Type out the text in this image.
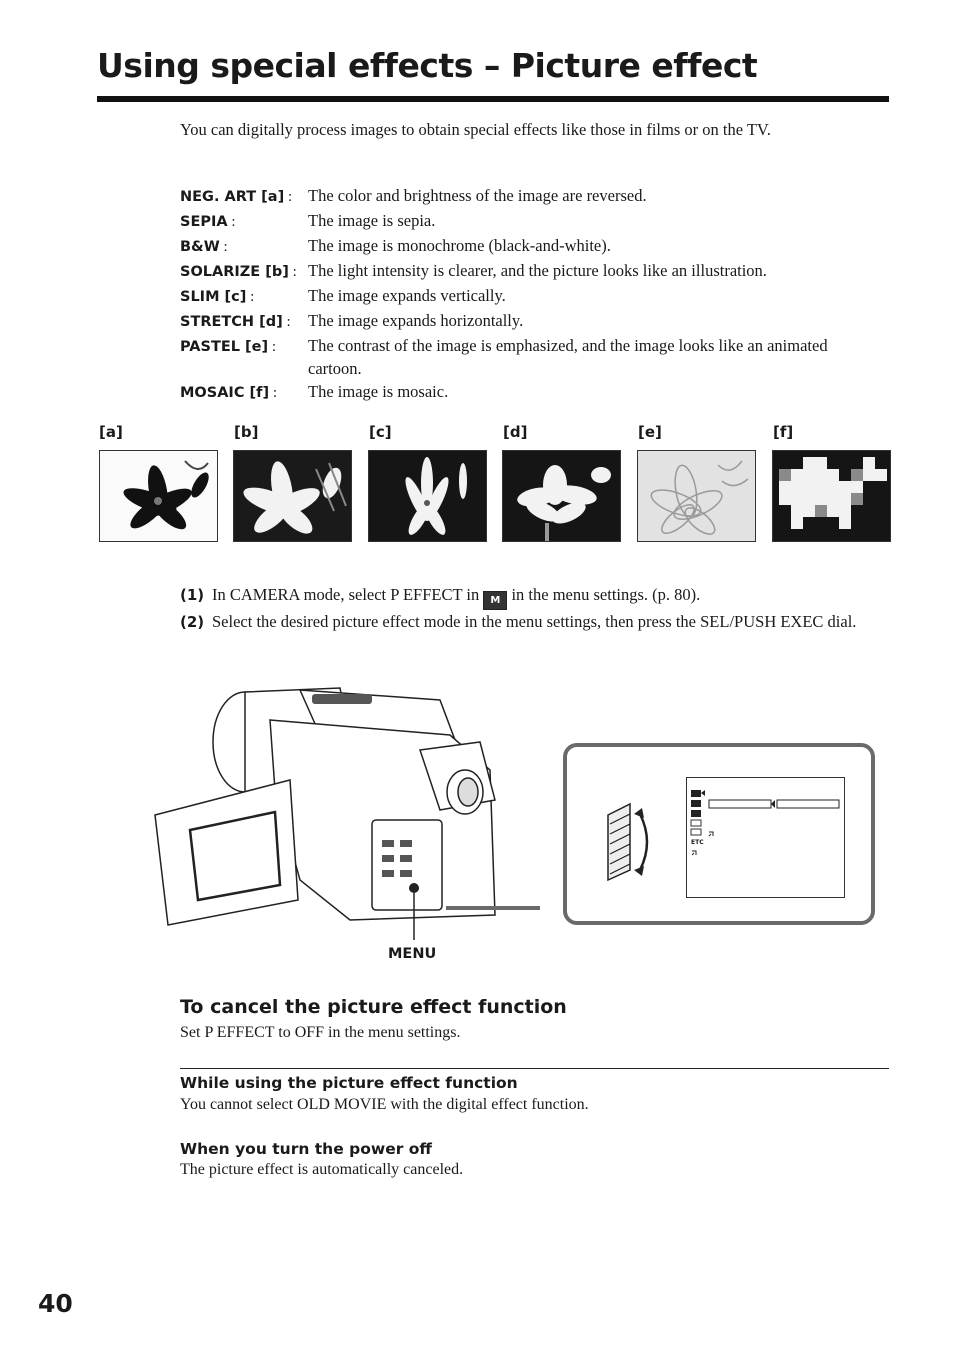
Using special effects – Picture effect

You can digitally process images to obtain special effects like those in films or on the TV.

NEG. ART [a] : The color and brightness of the image are reversed.
SEPIA :	The image is sepia.
B&W :	The image is monochrome (black-and-white).
SOLARIZE [b] : The light intensity is clearer, and the picture looks like an illustration.
SLIM [c] :	The image expands vertically.
STRETCH [d] :	The image expands horizontally.
PASTEL [e] :	The contrast of the image is emphasized, and the image looks like an animated cartoon.
MOSAIC [f] :	The image is mosaic.
[a]	[b]	[c]	[d]	[e]	[f]
(1) In CAMERA mode, select P EFFECT in M in the menu settings. (p. 80).
(2) Select the desired picture effect mode in the menu settings, then press the SEL/PUSH EXEC dial.
MENU
ETC
To cancel the picture effect function

Set P EFFECT to OFF in the menu settings.

While using the picture effect function

You cannot select OLD MOVIE with the digital effect function.

When you turn the power off

The picture effect is automatically canceled.

40
